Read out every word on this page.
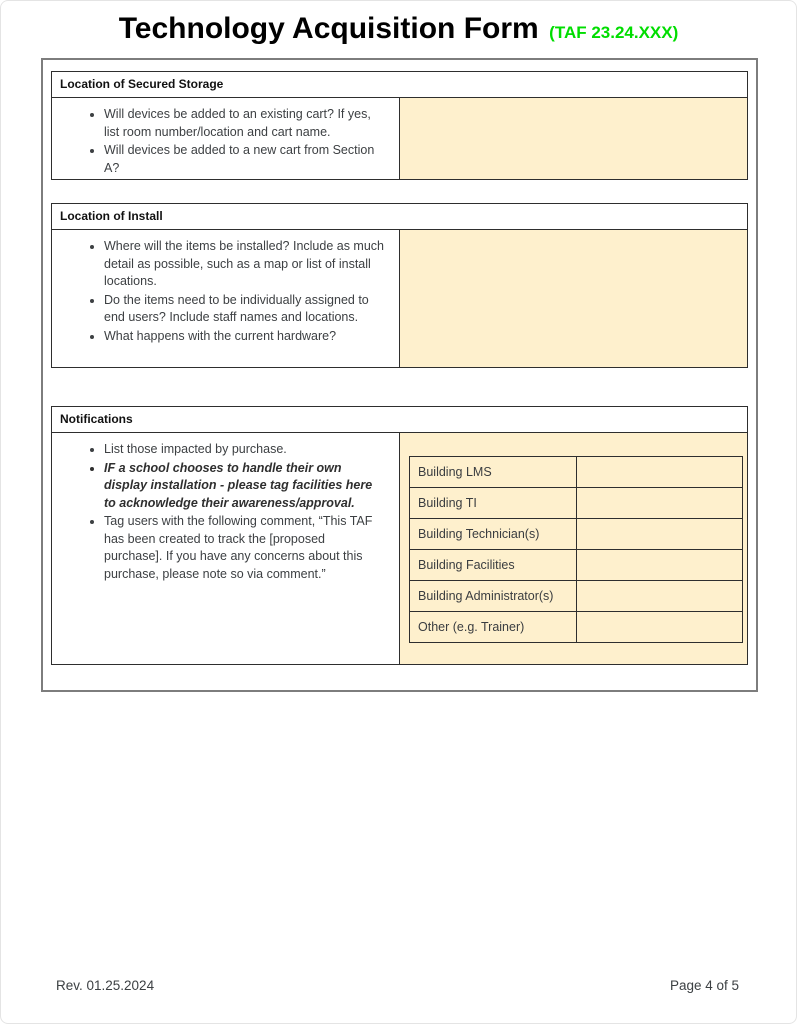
Technology Acquisition Form (TAF 23.24.XXX)
Location of Secured Storage
• Will devices be added to an existing cart? If yes, list room number/location and cart name.
• Will devices be added to a new cart from Section A?
Location of Install
• Where will the items be installed? Include as much detail as possible, such as a map or list of install locations.
• Do the items need to be individually assigned to end users? Include staff names and locations.
• What happens with the current hardware?
Notifications
• List those impacted by purchase.
• IF a school chooses to handle their own display installation - please tag facilities here to acknowledge their awareness/approval.
• Tag users with the following comment, “This TAF has been created to track the [proposed purchase]. If you have any concerns about this purchase, please note so via comment.”
Building LMS	
Building TI	
Building Technician(s)	
Building Facilities	
Building Administrator(s)	
Other (e.g. Trainer)	
Rev. 01.25.2024	Page 4 of 5
